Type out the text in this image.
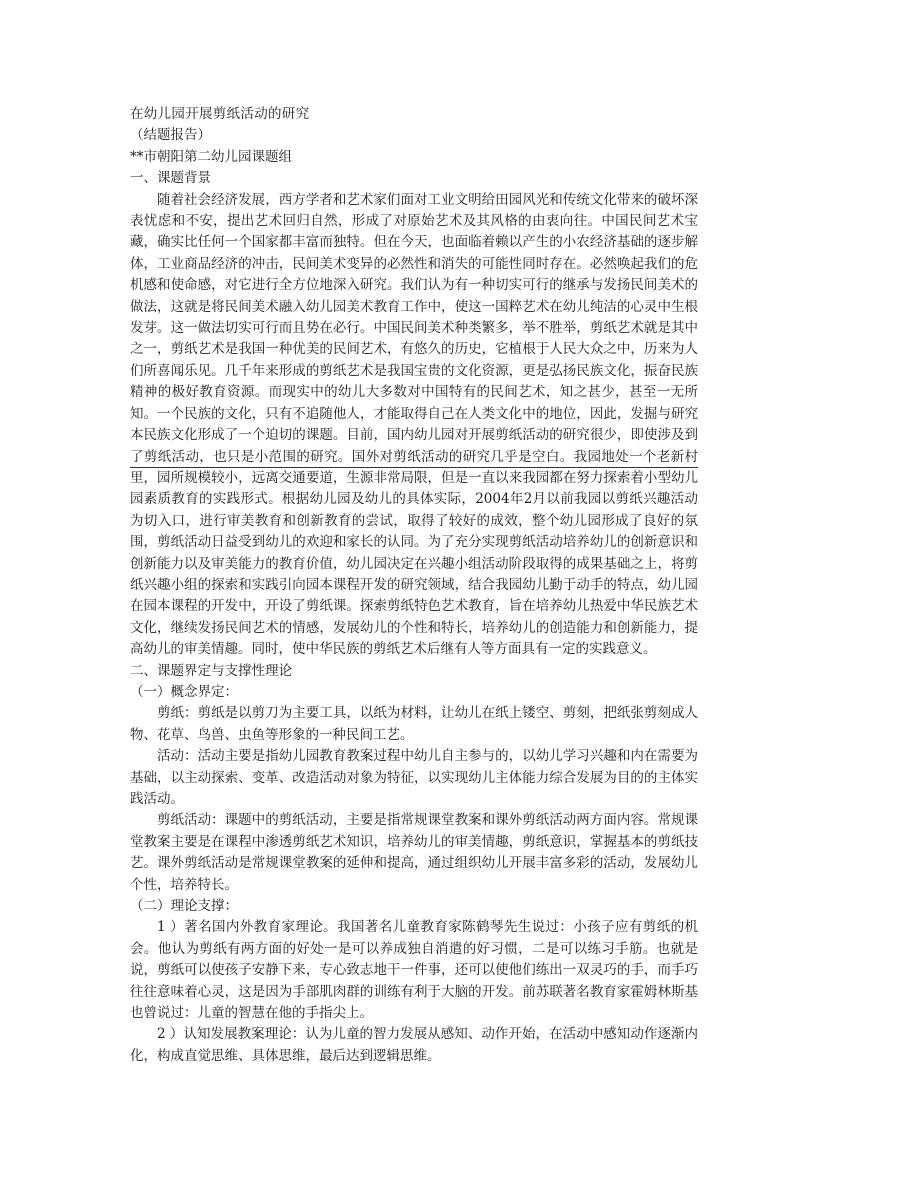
在幼儿园开展剪纸活动的研究

（结题报告）

**市朝阳第二幼儿园课题组

一、课题背景

随着社会经济发展，西方学者和艺术家们面对工业文明给田园风光和传统文化带来的破坏深表忧虑和不安，提出艺术回归自然，形成了对原始艺术及其风格的由衷向往。中国民间艺术宝藏，确实比任何一个国家都丰富而独特。但在今天，也面临着赖以产生的小农经济基础的逐步解体，工业商品经济的冲击，民间美术变异的必然性和消失的可能性同时存在。必然唤起我们的危机感和使命感，对它进行全方位地深入研究。我们认为有一种切实可行的继承与发扬民间美术的做法，这就是将民间美术融入幼儿园美术教育工作中，使这一国粹艺术在幼儿纯洁的心灵中生根发芽。这一做法切实可行而且势在必行。中国民间美术种类繁多，举不胜举，剪纸艺术就是其中之一，剪纸艺术是我国一种优美的民间艺术，有悠久的历史，它植根于人民大众之中，历来为人们所喜闻乐见。几千年来形成的剪纸艺术是我国宝贵的文化资源，更是弘扬民族文化，振奋民族精神的极好教育资源。而现实中的幼儿大多数对中国特有的民间艺术，知之甚少，甚至一无所知。一个民族的文化，只有不追随他人，才能取得自己在人类文化中的地位，因此，发掘与研究本民族文化形成了一个迫切的课题。目前，国内幼儿园对开展剪纸活动的研究很少，即使涉及到了剪纸活动，也只是小范围的研究。国外对剪纸活动的研究几乎是空白。我园地处一个老新村里，园所规模较小，远离交通要道，生源非常局限，但是一直以来我园都在努力探索着小型幼儿园素质教育的实践形式。根据幼儿园及幼儿的具体实际，2004年2月以前我园以剪纸兴趣活动为切入口，进行审美教育和创新教育的尝试，取得了较好的成效，整个幼儿园形成了良好的氛围，剪纸活动日益受到幼儿的欢迎和家长的认同。为了充分实现剪纸活动培养幼儿的创新意识和创新能力以及审美能力的教育价值，幼儿园决定在兴趣小组活动阶段取得的成果基础之上，将剪纸兴趣小组的探索和实践引向园本课程开发的研究领域，结合我园幼儿勤于动手的特点，幼儿园在园本课程的开发中，开设了剪纸课。探索剪纸特色艺术教育，旨在培养幼儿热爱中华民族艺术文化，继续发扬民间艺术的情感，发展幼儿的个性和特长，培养幼儿的创造能力和创新能力，提高幼儿的审美情趣。同时，使中华民族的剪纸艺术后继有人等方面具有一定的实践意义。

二、课题界定与支撑性理论

（一）概念界定：

剪纸：剪纸是以剪刀为主要工具，以纸为材料，让幼儿在纸上镂空、剪刻，把纸张剪刻成人物、花草、鸟兽、虫鱼等形象的一种民间工艺。

活动：活动主要是指幼儿园教育教案过程中幼儿自主参与的，以幼儿学习兴趣和内在需要为基础，以主动探索、变革、改造活动对象为特征，以实现幼儿主体能力综合发展为目的的主体实践活动。

剪纸活动：课题中的剪纸活动，主要是指常规课堂教案和课外剪纸活动两方面内容。常规课堂教案主要是在课程中渗透剪纸艺术知识，培养幼儿的审美情趣，剪纸意识，掌握基本的剪纸技艺。课外剪纸活动是常规课堂教案的延伸和提高，通过组织幼儿开展丰富多彩的活动，发展幼儿个性，培养特长。

（二）理论支撑：

1 ）著名国内外教育家理论。我国著名儿童教育家陈鹤琴先生说过：小孩子应有剪纸的机会。他认为剪纸有两方面的好处一是可以养成独自消遣的好习惯，二是可以练习手筋。也就是说，剪纸可以使孩子安静下来，专心致志地干一件事，还可以使他们练出一双灵巧的手，而手巧往往意味着心灵，这是因为手部肌肉群的训练有利于大脑的开发。前苏联著名教育家霍姆林斯基也曾说过：儿童的智慧在他的手指尖上。

2 ）认知发展教案理论：认为儿童的智力发展从感知、动作开始，在活动中感知动作逐渐内化，构成直觉思维、具体思维，最后达到逻辑思维。
